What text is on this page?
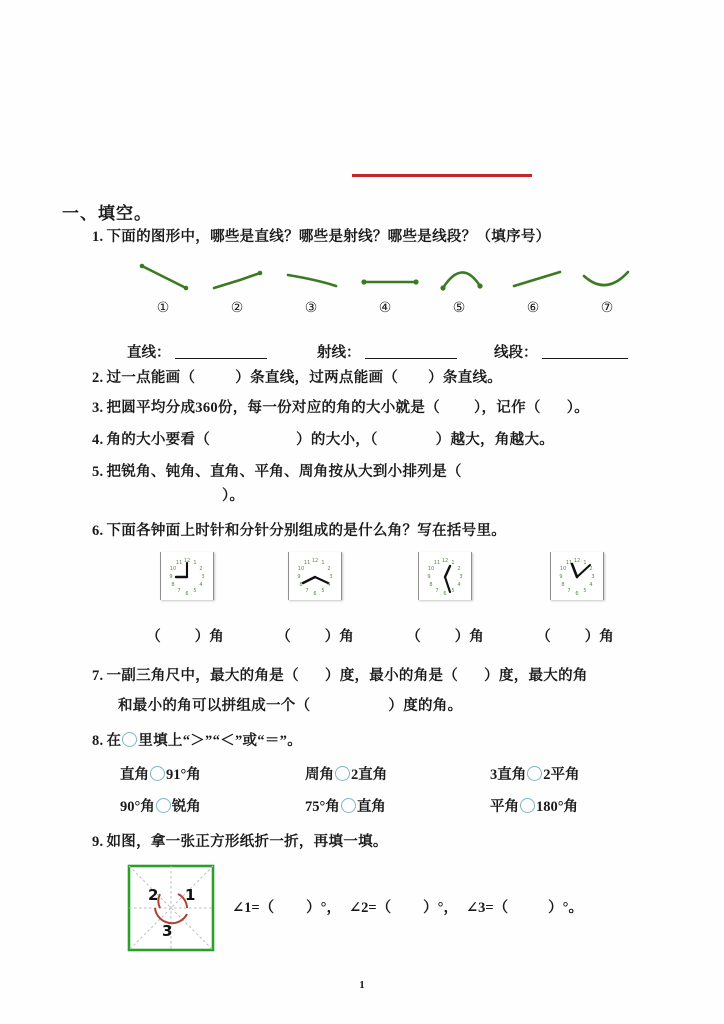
一、填空。
1. 下面的图形中，哪些是直线？哪些是射线？哪些是线段？（填序号）
①	②	③	④	⑤	⑥	⑦
直线：	射线：	线段：
2. 过一点能画（	）条直线，过两点能画（ ）条直线。
3. 把圆平均分成360份，每一份对应的角的大小就是（ ），记作（ ）。
4. 角的大小要看（	）的大小，（	）越大，角越大。
5. 把锐角、钝角、直角、平角、周角按从大到小排列是（
）。
6. 下面各钟面上时针和分针分别组成的是什么角？写在括号里。
12 1
2
3
4
5
6
7
8
9
10
11	12 1
2
3
4
5
6
7
8
9
10
11	12 1
2
3
4
5
6
7
8
9
10
11	12 1
2
3
4
5
6
7
8
9
10
11
（ ）角	（ ）角	（ ）角	（ ）角
7. 一副三角尺中，最大的角是（ ）度，最小的角是（ ）度，最大的角
和最小的角可以拼组成一个（	）度的角。
8. 在 里填上“＞”“＜”或“＝”。
直角 91°角	周角 2直角	3直角 2平角
90°角 锐角	75°角 直角	平角 180°角
9. 如图，拿一张正方形纸折一折，再填一填。
1
2
3
∠1=（ ）°， ∠2=（ ）°， ∠3=（	）°。
1
